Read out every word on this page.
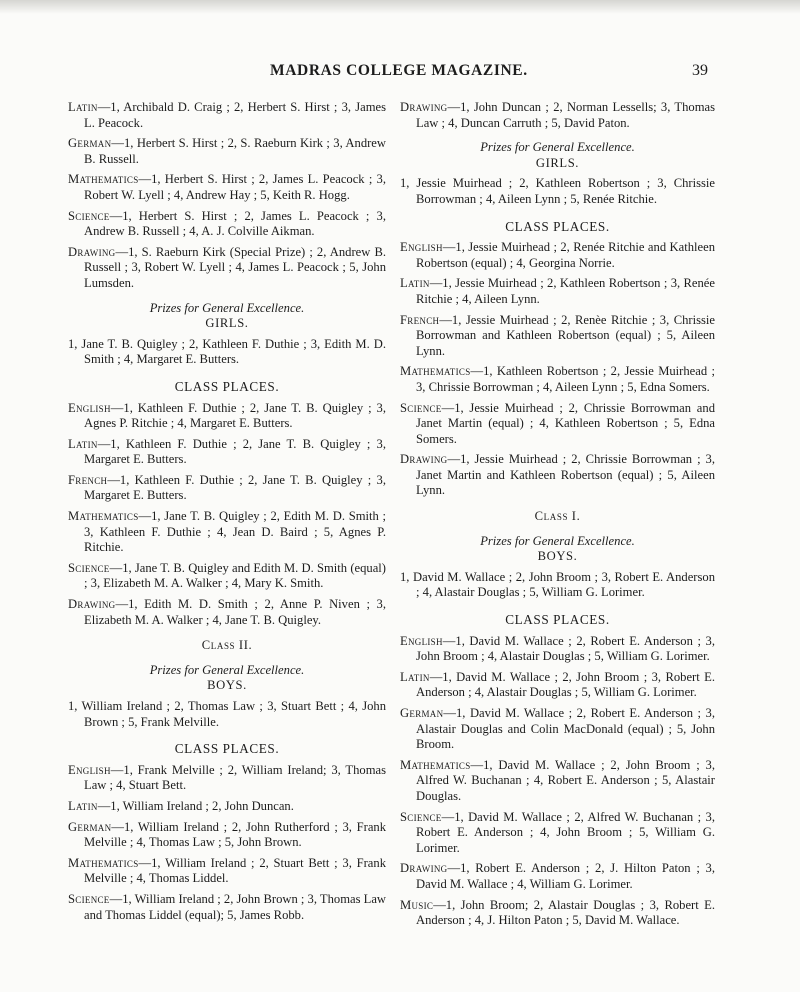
MADRAS COLLEGE MAGAZINE.	39

Latin—1, Archibald D. Craig ; 2, Herbert S. Hirst ; 3, James L. Peacock.

German—1, Herbert S. Hirst ; 2, S. Raeburn Kirk ; 3, Andrew B. Russell.

Mathematics—1, Herbert S. Hirst ; 2, James L. Peacock ; 3, Robert W. Lyell ; 4, Andrew Hay ; 5, Keith R. Hogg.

Science—1, Herbert S. Hirst ; 2, James L. Peacock ; 3, Andrew B. Russell ; 4, A. J. Colville Aikman.

Drawing—1, S. Raeburn Kirk (Special Prize) ; 2, Andrew B. Russell ; 3, Robert W. Lyell ; 4, James L. Peacock ; 5, John Lumsden.

Prizes for General Excellence.

GIRLS.

1, Jane T. B. Quigley ; 2, Kathleen F. Duthie ; 3, Edith M. D. Smith ; 4, Margaret E. Butters.

CLASS PLACES.

English—1, Kathleen F. Duthie ; 2, Jane T. B. Quigley ; 3, Agnes P. Ritchie ; 4, Margaret E. Butters.

Latin—1, Kathleen F. Duthie ; 2, Jane T. B. Quigley ; 3, Margaret E. Butters.

French—1, Kathleen F. Duthie ; 2, Jane T. B. Quigley ; 3, Margaret E. Butters.

Mathematics—1, Jane T. B. Quigley ; 2, Edith M. D. Smith ; 3, Kathleen F. Duthie ; 4, Jean D. Baird ; 5, Agnes P. Ritchie.

Science—1, Jane T. B. Quigley and Edith M. D. Smith (equal) ; 3, Elizabeth M. A. Walker ; 4, Mary K. Smith.

Drawing—1, Edith M. D. Smith ; 2, Anne P. Niven ; 3, Elizabeth M. A. Walker ; 4, Jane T. B. Quigley.

Class II.

Prizes for General Excellence.

BOYS.

1, William Ireland ; 2, Thomas Law ; 3, Stuart Bett ; 4, John Brown ; 5, Frank Melville.

CLASS PLACES.

English—1, Frank Melville ; 2, William Ireland; 3, Thomas Law ; 4, Stuart Bett.

Latin—1, William Ireland ; 2, John Duncan.

German—1, William Ireland ; 2, John Rutherford ; 3, Frank Melville ; 4, Thomas Law ; 5, John Brown.

Mathematics—1, William Ireland ; 2, Stuart Bett ; 3, Frank Melville ; 4, Thomas Liddel.

Science—1, William Ireland ; 2, John Brown ; 3, Thomas Law and Thomas Liddel (equal); 5, James Robb.

Drawing—1, John Duncan ; 2, Norman Lessells; 3, Thomas Law ; 4, Duncan Carruth ; 5, David Paton.

Prizes for General Excellence.

GIRLS.

1, Jessie Muirhead ; 2, Kathleen Robertson ; 3, Chrissie Borrowman ; 4, Aileen Lynn ; 5, Renée Ritchie.

CLASS PLACES.

English—1, Jessie Muirhead ; 2, Renée Ritchie and Kathleen Robertson (equal) ; 4, Georgina Norrie.

Latin—1, Jessie Muirhead ; 2, Kathleen Robertson ; 3, Renée Ritchie ; 4, Aileen Lynn.

French—1, Jessie Muirhead ; 2, Renèe Ritchie ; 3, Chrissie Borrowman and Kathleen Robertson (equal) ; 5, Aileen Lynn.

Mathematics—1, Kathleen Robertson ; 2, Jessie Muirhead ; 3, Chrissie Borrowman ; 4, Aileen Lynn ; 5, Edna Somers.

Science—1, Jessie Muirhead ; 2, Chrissie Borrowman and Janet Martin (equal) ; 4, Kathleen Robertson ; 5, Edna Somers.

Drawing—1, Jessie Muirhead ; 2, Chrissie Borrowman ; 3, Janet Martin and Kathleen Robertson (equal) ; 5, Aileen Lynn.

Class I.

Prizes for General Excellence.

BOYS.

1, David M. Wallace ; 2, John Broom ; 3, Robert E. Anderson ; 4, Alastair Douglas ; 5, William G. Lorimer.

CLASS PLACES.

English—1, David M. Wallace ; 2, Robert E. Anderson ; 3, John Broom ; 4, Alastair Douglas ; 5, William G. Lorimer.

Latin—1, David M. Wallace ; 2, John Broom ; 3, Robert E. Anderson ; 4, Alastair Douglas ; 5, William G. Lorimer.

German—1, David M. Wallace ; 2, Robert E. Anderson ; 3, Alastair Douglas and Colin MacDonald (equal) ; 5, John Broom.

Mathematics—1, David M. Wallace ; 2, John Broom ; 3, Alfred W. Buchanan ; 4, Robert E. Anderson ; 5, Alastair Douglas.

Science—1, David M. Wallace ; 2, Alfred W. Buchanan ; 3, Robert E. Anderson ; 4, John Broom ; 5, William G. Lorimer.

Drawing—1, Robert E. Anderson ; 2, J. Hilton Paton ; 3, David M. Wallace ; 4, William G. Lorimer.

Music—1, John Broom; 2, Alastair Douglas ; 3, Robert E. Anderson ; 4, J. Hilton Paton ; 5, David M. Wallace.
